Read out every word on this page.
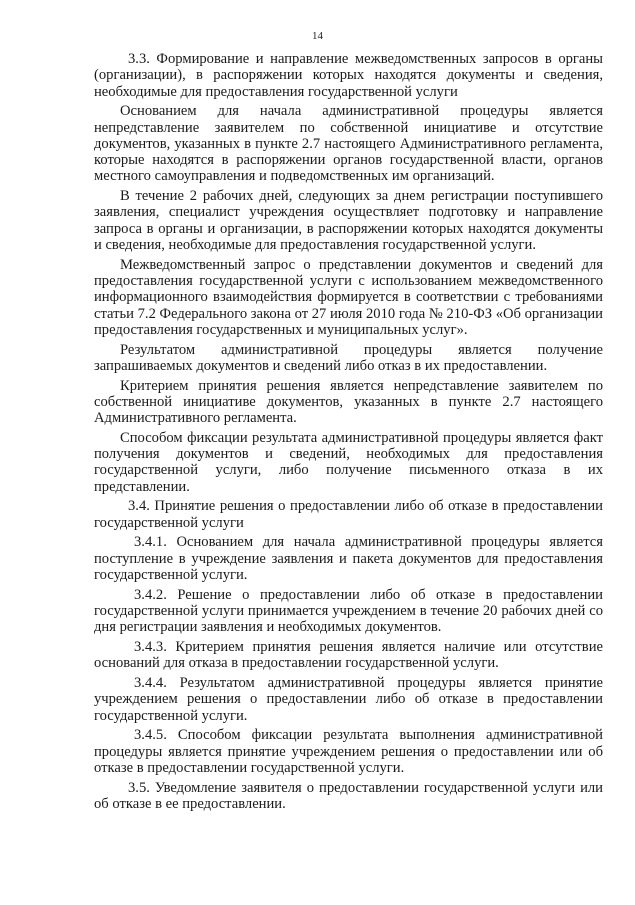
14

3.3. Формирование и направление межведомственных запросов в органы (организации), в распоряжении которых находятся документы и сведения, необходимые для предоставления государственной услуги

Основанием для начала административной процедуры является непредставление заявителем по собственной инициативе и отсутствие документов, указанных в пункте 2.7 настоящего Административного регламента, которые находятся в распоряжении органов государственной власти, органов местного самоуправления и подведомственных им организаций.

В течение 2 рабочих дней, следующих за днем регистрации поступившего заявления, специалист учреждения осуществляет подготовку и направление запроса в органы и организации, в распоряжении которых находятся документы и сведения, необходимые для предоставления государственной услуги.

Межведомственный запрос о представлении документов и сведений для предоставления государственной услуги с использованием межведомственного информационного взаимодействия формируется в соответствии с требованиями статьи 7.2 Федерального закона от 27 июля 2010 года № 210-ФЗ «Об организации предоставления государственных и муниципальных услуг».

Результатом административной процедуры является получение запрашиваемых документов и сведений либо отказ в их предоставлении.

Критерием принятия решения является непредставление заявителем по собственной инициативе документов, указанных в пункте 2.7 настоящего Административного регламента.

Способом фиксации результата административной процедуры является факт получения документов и сведений, необходимых для предоставления государственной услуги, либо получение письменного отказа в их представлении.

3.4. Принятие решения о предоставлении либо об отказе в предоставлении государственной услуги

3.4.1. Основанием для начала административной процедуры является поступление в учреждение заявления и пакета документов для предоставления государственной услуги.

3.4.2. Решение о предоставлении либо об отказе в предоставлении государственной услуги принимается учреждением в течение 20 рабочих дней со дня регистрации заявления и необходимых документов.

3.4.3. Критерием принятия решения является наличие или отсутствие оснований для отказа в предоставлении государственной услуги.

3.4.4. Результатом административной процедуры является принятие учреждением решения о предоставлении либо об отказе в предоставлении государственной услуги.

3.4.5. Способом фиксации результата выполнения административной процедуры является принятие учреждением решения о предоставлении или об отказе в предоставлении государственной услуги.

3.5. Уведомление заявителя о предоставлении государственной услуги или об отказе в ее предоставлении.
